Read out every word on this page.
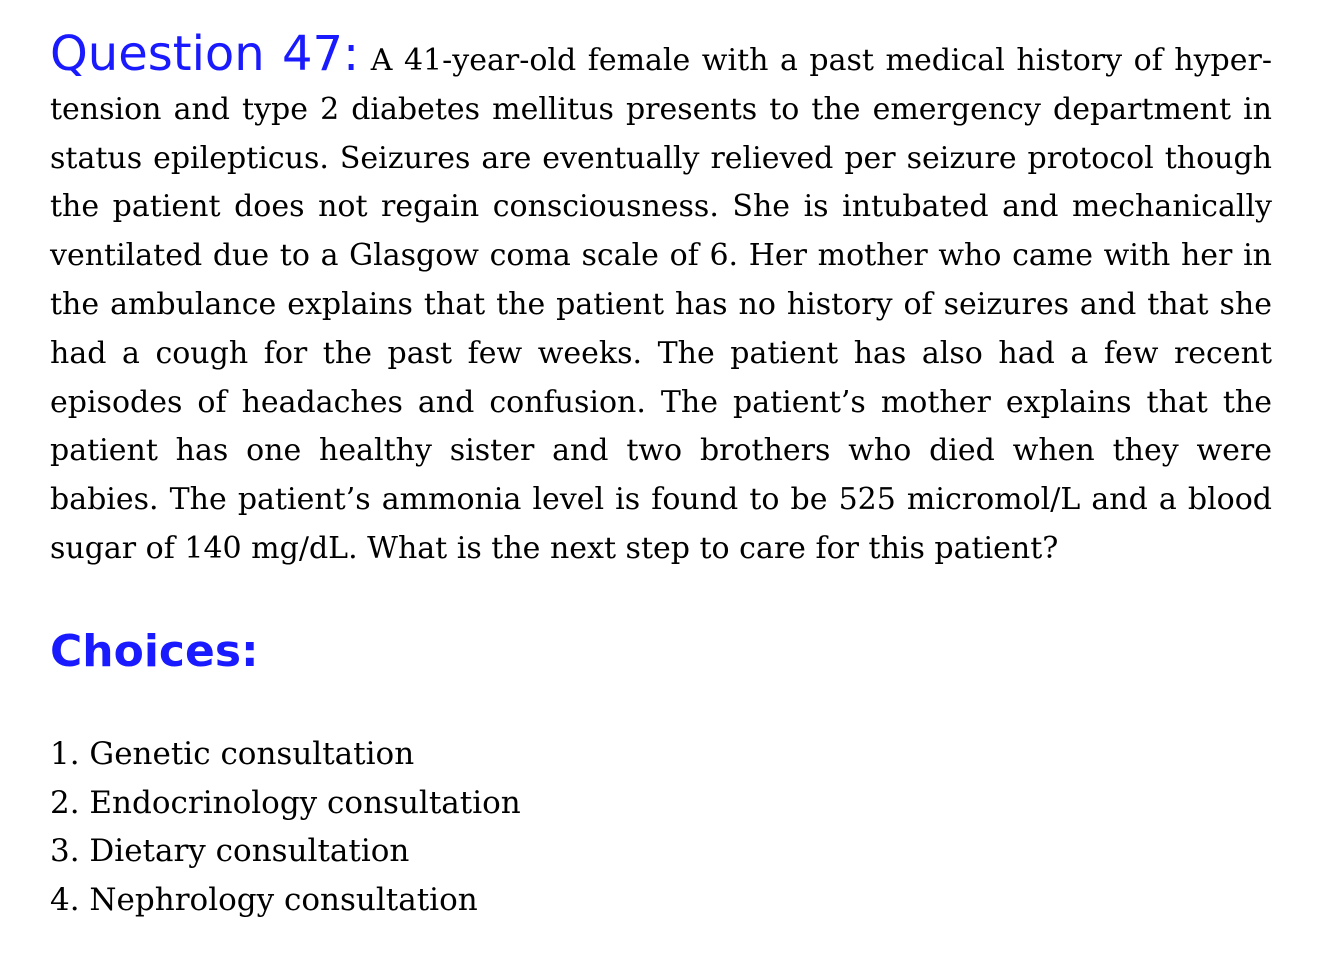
Question 47: A 41-year-old female with a past medical history of hypertension and type 2 diabetes mellitus presents to the emergency department in status epilepticus. Seizures are eventually relieved per seizure protocol though the patient does not regain consciousness. She is intubated and mechanically ventilated due to a Glasgow coma scale of 6. Her mother who came with her in the ambulance explains that the patient has no history of seizures and that she had a cough for the past few weeks. The patient has also had a few recent episodes of headaches and confusion. The patient’s mother explains that the patient has one healthy sister and two brothers who died when they were babies. The patient’s ammonia level is found to be 525 micromol/L and a blood sugar of 140 mg/dL. What is the next step to care for this patient?

Choices:
1. Genetic consultation
2. Endocrinology consultation
3. Dietary consultation
4. Nephrology consultation
